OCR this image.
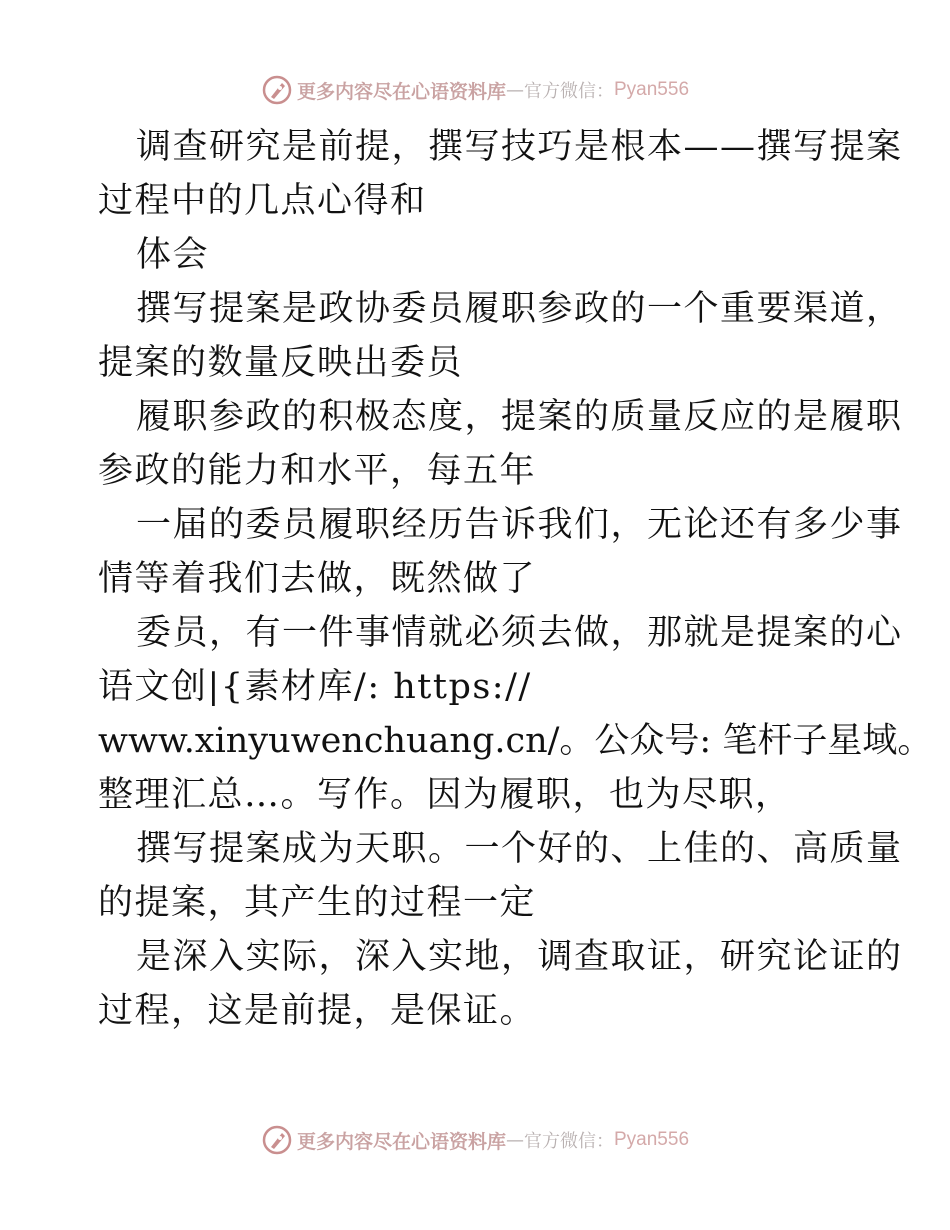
更多内容尽在心语资料库 — 官方微信： Pyan556
调查研究是前提，撰写技巧是根本——撰写提案
过程中的几点心得和
体会
撰写提案是政协委员履职参政的一个重要渠道，
提案的数量反映出委员
履职参政的积极态度，提案的质量反应的是履职
参政的能力和水平，每五年
一届的委员履职经历告诉我们，无论还有多少事
情等着我们去做，既然做了
委员，有一件事情就必须去做，那就是提案的心
语文创|{素材库/: https://
www.xinyuwenchuang.cn/。公众号: 笔杆子星域。
整理汇总…。写作。因为履职，也为尽职，
撰写提案成为天职。一个好的、上佳的、高质量
的提案，其产生的过程一定
是深入实际，深入实地，调查取证，研究论证的
过程，这是前提，是保证。
更多内容尽在心语资料库 — 官方微信： Pyan556
